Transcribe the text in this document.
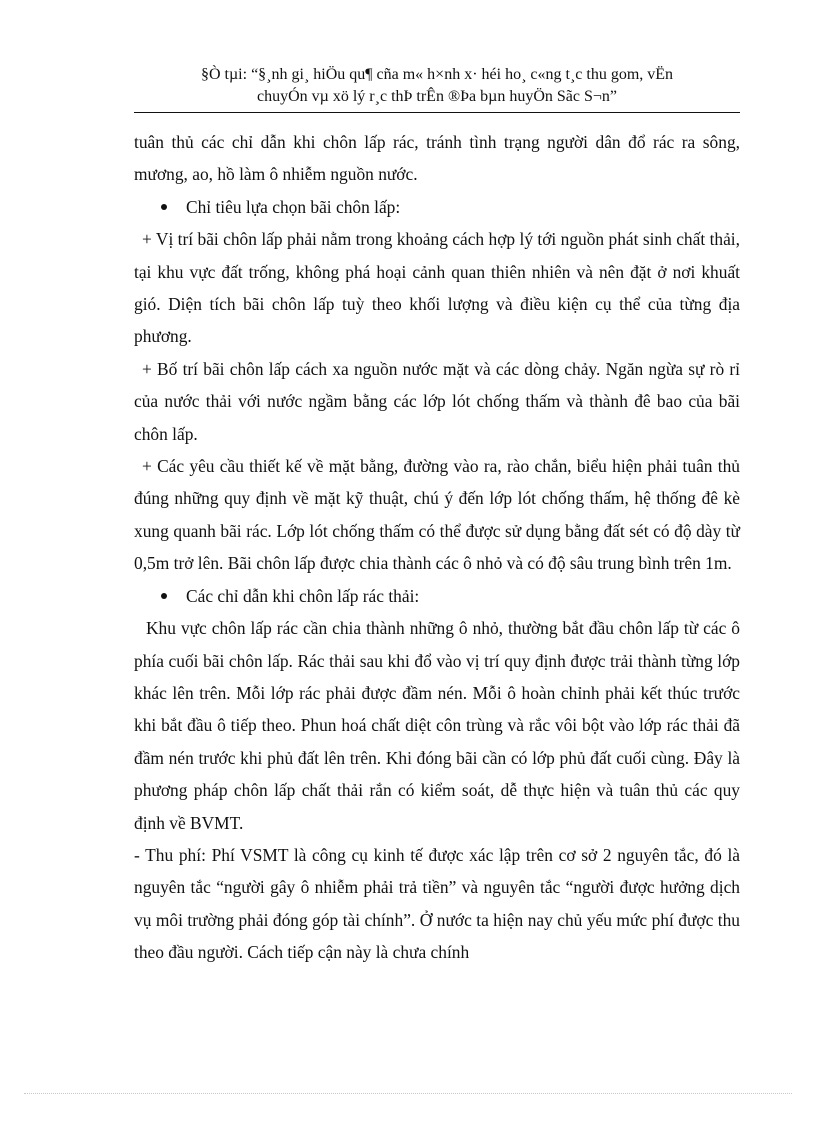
§Ò tµi: “§¸nh gi¸ hiÖu qu¶ cña m« h×nh x· héi ho¸ c«ng t¸c thu gom, vËn
chuyÓn vµ xö lý r¸c thÞ trÊn ®Þa bµn huyÖn Sãc S¬n”

tuân thủ các chỉ dẫn khi chôn lấp rác, tránh tình trạng người dân đổ rác ra sông, mương, ao, hồ làm ô nhiễm nguồn nước.

Chỉ tiêu lựa chọn bãi chôn lấp:

+ Vị trí bãi chôn lấp phải nằm trong khoảng cách hợp lý tới nguồn phát sinh chất thải, tại khu vực đất trống, không phá hoại cảnh quan thiên nhiên và nên đặt ở nơi khuất gió. Diện tích bãi chôn lấp tuỳ theo khối lượng và điều kiện cụ thể của từng địa phương.

+ Bố trí bãi chôn lấp cách xa nguồn nước mặt và các dòng chảy. Ngăn ngừa sự rò rỉ của nước thải với nước ngầm bằng các lớp lót chống thấm và thành đê bao của bãi chôn lấp.

+ Các yêu cầu thiết kế về mặt bằng, đường vào ra, rào chắn, biểu hiện phải tuân thủ đúng những quy định về mặt kỹ thuật, chú ý đến lớp lót chống thấm, hệ thống đê kè xung quanh bãi rác. Lớp lót chống thấm có thể được sử dụng bằng đất sét có độ dày từ 0,5m trở lên. Bãi chôn lấp được chia thành các ô nhỏ và có độ sâu trung bình trên 1m.

Các chỉ dẫn khi chôn lấp rác thải:

Khu vực chôn lấp rác cần chia thành những ô nhỏ, thường bắt đầu chôn lấp từ các ô phía cuối bãi chôn lấp. Rác thải sau khi đổ vào vị trí quy định được trải thành từng lớp khác lên trên. Mỗi lớp rác phải được đầm nén. Mỗi ô hoàn chỉnh phải kết thúc trước khi bắt đầu ô tiếp theo. Phun hoá chất diệt côn trùng và rắc vôi bột vào lớp rác thải đã đầm nén trước khi phủ đất lên trên. Khi đóng bãi cần có lớp phủ đất cuối cùng. Đây là phương pháp chôn lấp chất thải rắn có kiểm soát, dễ thực hiện và tuân thủ các quy định về BVMT.

- Thu phí: Phí VSMT là công cụ kinh tế được xác lập trên cơ sở 2 nguyên tắc, đó là nguyên tắc “người gây ô nhiễm phải trả tiền” và nguyên tắc “người được hưởng dịch vụ môi trường phải đóng góp tài chính”. Ở nước ta hiện nay chủ yếu mức phí được thu theo đầu người. Cách tiếp cận này là chưa chính
